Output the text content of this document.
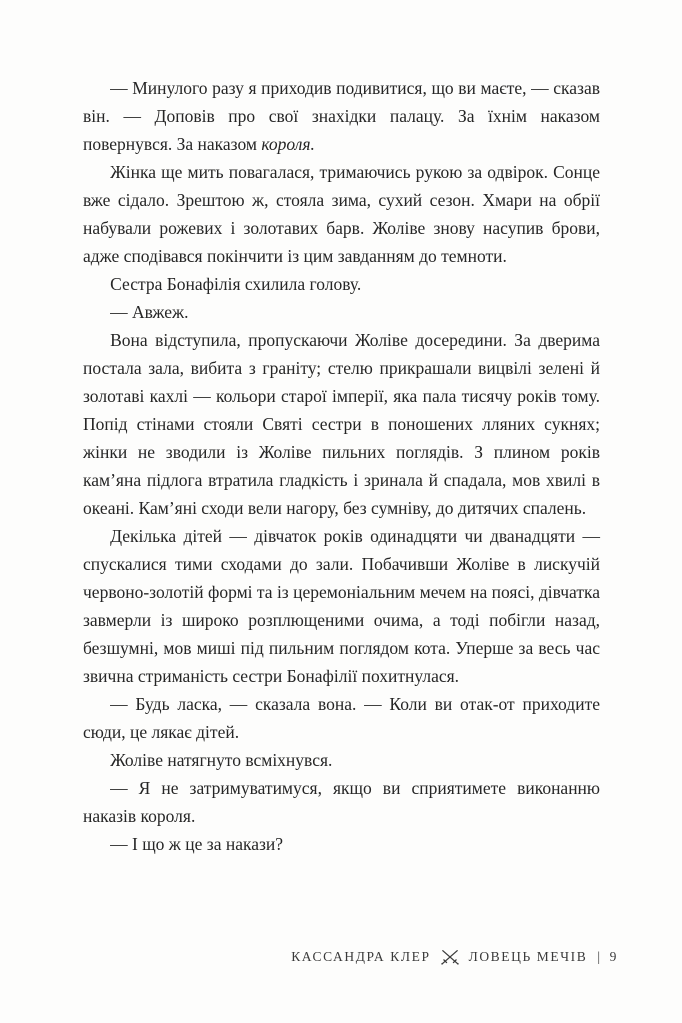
— Минулого разу я приходив подивитися, що ви маєте, — сказав він. — Доповів про свої знахідки палацу. За їхнім наказом повернувся. За наказом короля.

Жінка ще мить повагалася, тримаючись рукою за одвірок. Сонце вже сідало. Зрештою ж, стояла зима, сухий сезон. Хмари на обрії набували рожевих і золотавих барв. Жоліве знову насупив брови, адже сподівався покінчити із цим завданням до темноти.

Сестра Бонафілія схилила голову.

— Авжеж.

Вона відступила, пропускаючи Жоліве досередини. За дверима постала зала, вибита з граніту; стелю прикрашали вицвілі зелені й золотаві кахлі — кольори старої імперії, яка пала тисячу років тому. Попід стінами стояли Святі сестри в поношених лляних сукнях; жінки не зводили із Жоліве пильних поглядів. З плином років кам’яна підлога втратила гладкість і зринала й спадала, мов хвилі в океані. Кам’яні сходи вели нагору, без сумніву, до дитячих спалень.

Декілька дітей — дівчаток років одинадцяти чи дванадцяти — спускалися тими сходами до зали. Побачивши Жоліве в лискучій червоно-золотій формі та із церемоніальним мечем на поясі, дівчатка завмерли із широко розплющеними очима, а тоді побігли назад, безшумні, мов миші під пильним поглядом кота. Уперше за весь час звична стриманість сестри Бонафілії похитнулася.

— Будь ласка, — сказала вона. — Коли ви отак-от приходите сюди, це лякає дітей.

Жоліве натягнуто всміхнувся.

— Я не затримуватимуся, якщо ви сприятимете виконанню наказів короля.

— І що ж це за накази?

КАССАНДРА КЛЕР	ЛОВЕЦЬ МЕЧІВ | 9
